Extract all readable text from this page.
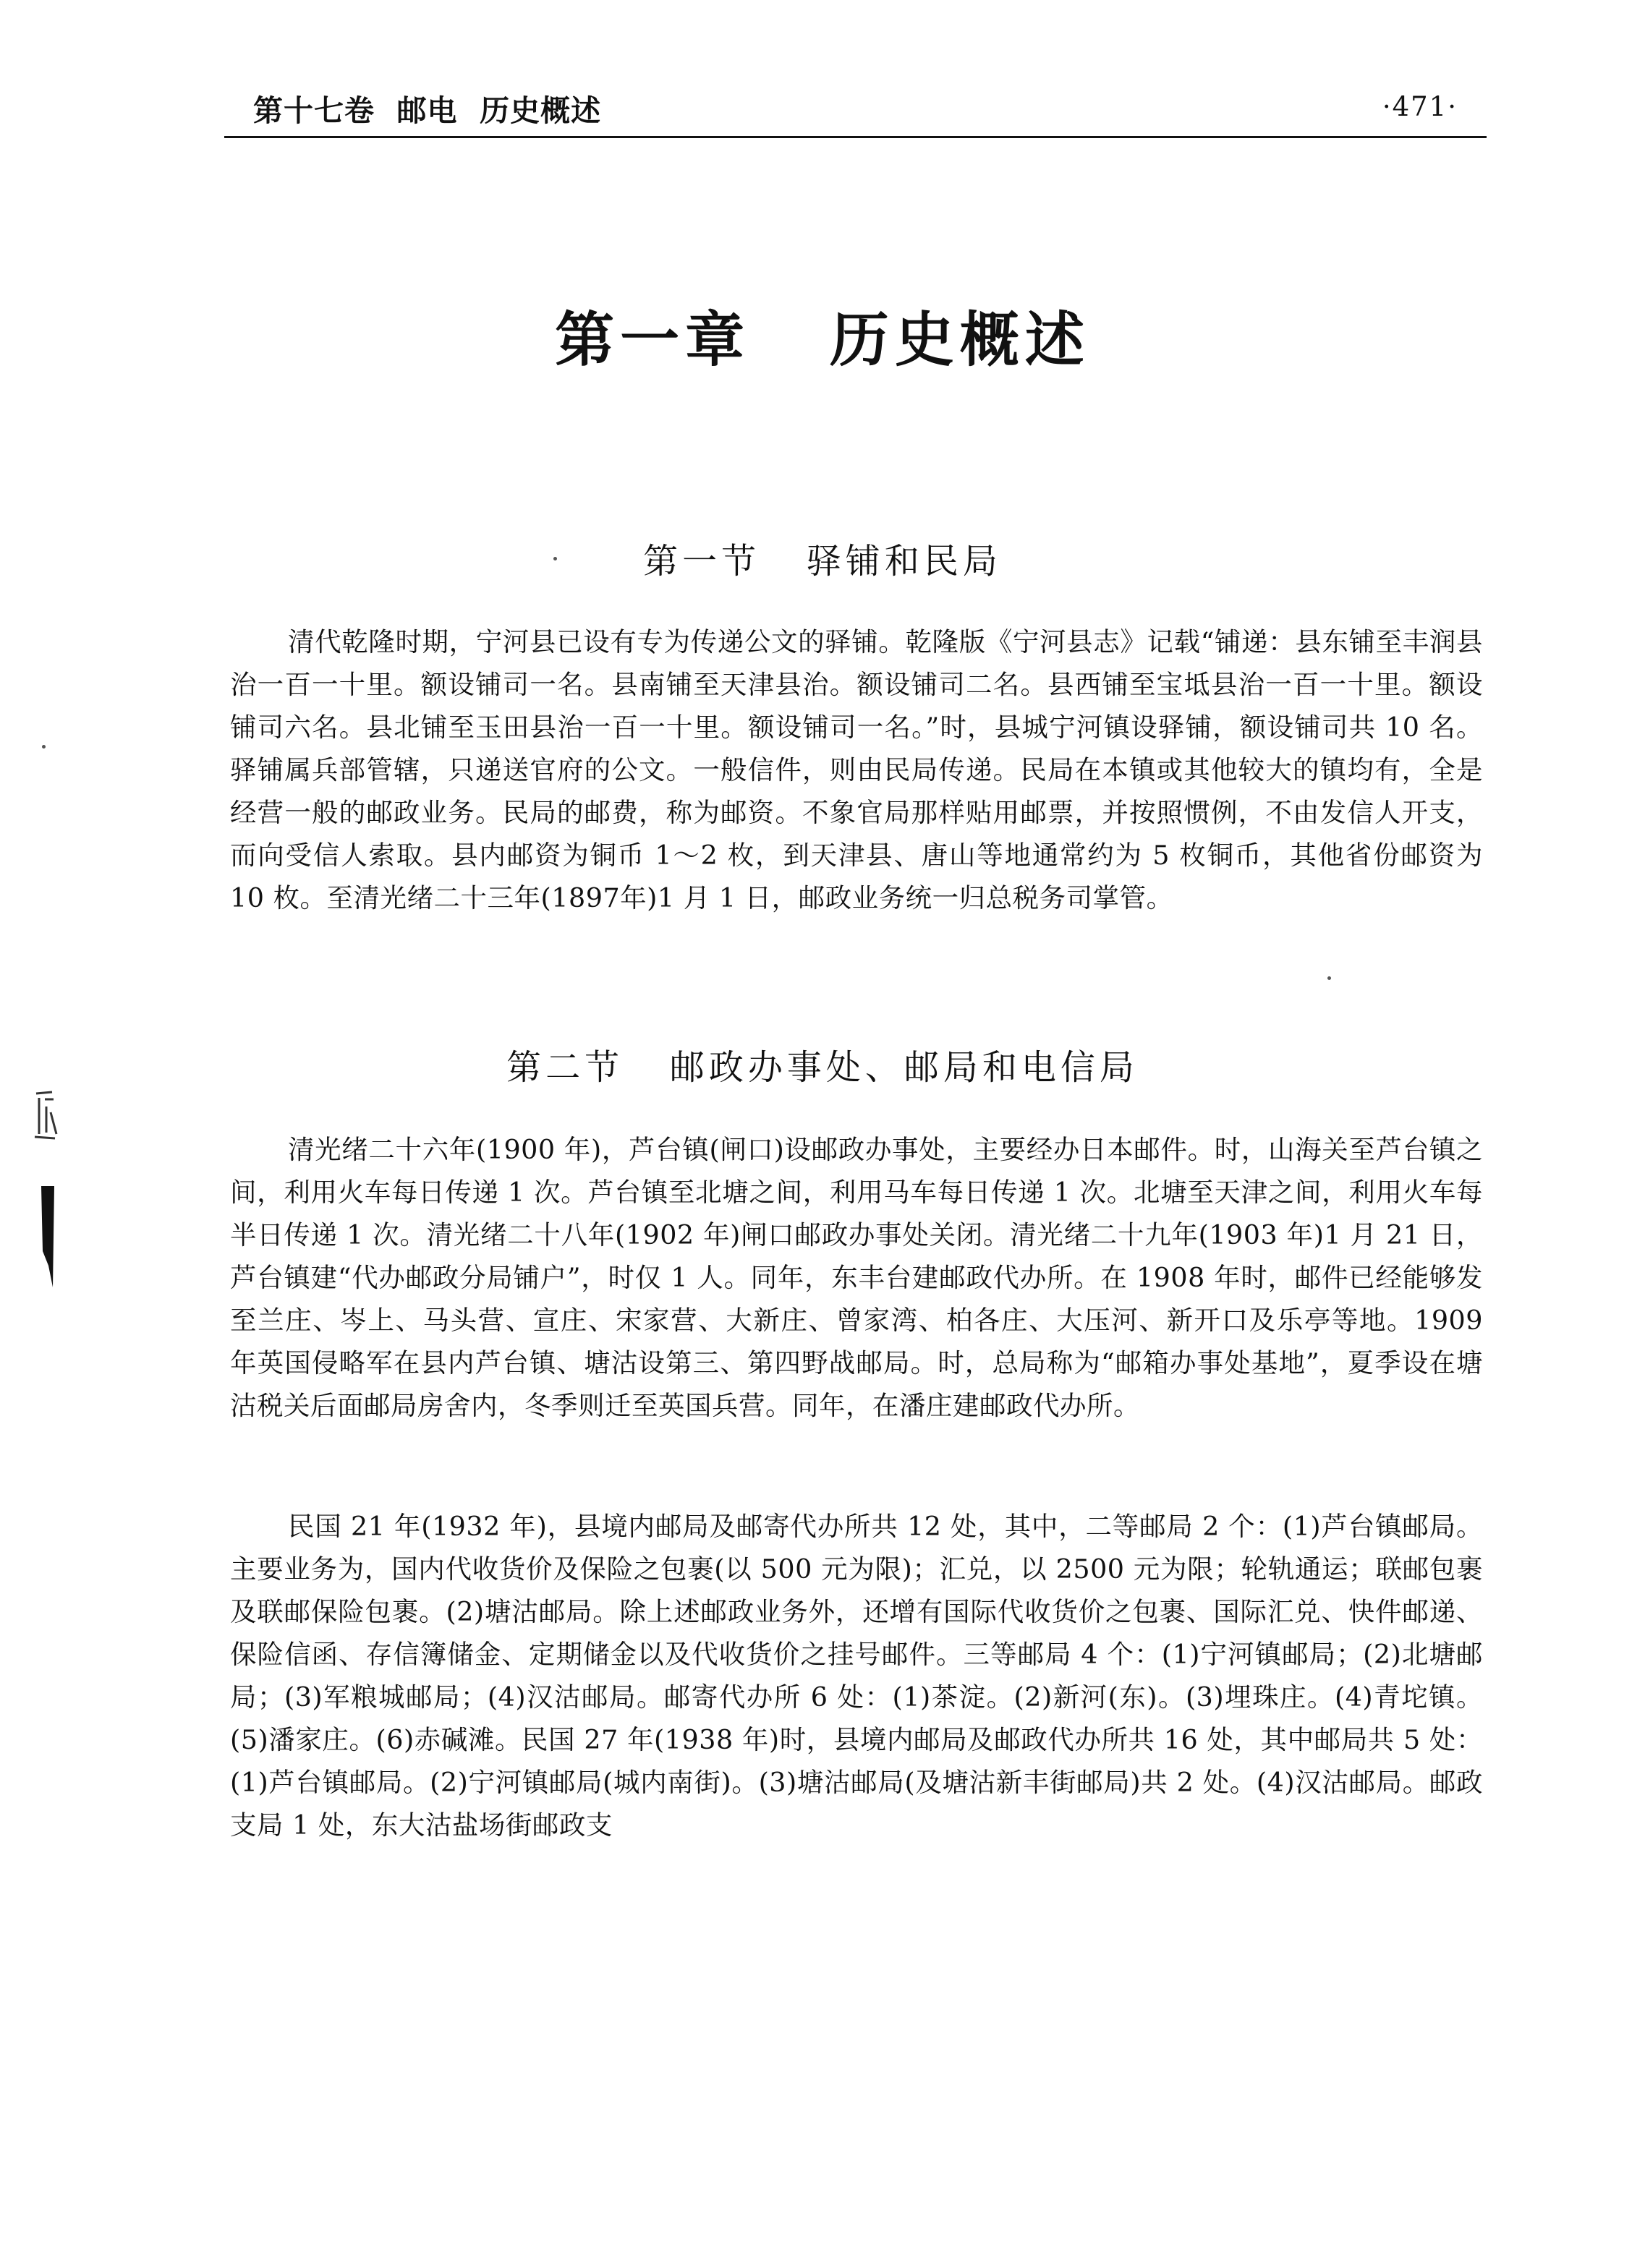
第十七卷  邮电  历史概述	·471·
第一章   历史概述
第一节   驿铺和民局

清代乾隆时期，宁河县已设有专为传递公文的驿铺。乾隆版《宁河县志》记载“铺递：县东铺至丰润县治一百一十里。额设铺司一名。县南铺至天津县治。额设铺司二名。县西铺至宝坻县治一百一十里。额设铺司六名。县北铺至玉田县治一百一十里。额设铺司一名。”时，县城宁河镇设驿铺，额设铺司共 10 名。驿铺属兵部管辖，只递送官府的公文。一般信件，则由民局传递。民局在本镇或其他较大的镇均有，全是经营一般的邮政业务。民局的邮费，称为邮资。不象官局那样贴用邮票，并按照惯例，不由发信人开支，而向受信人索取。县内邮资为铜币 1～2 枚，到天津县、唐山等地通常约为 5 枚铜币，其他省份邮资为 10 枚。至清光绪二十三年(1897年)1 月 1 日，邮政业务统一归总税务司掌管。

第二节   邮政办事处、邮局和电信局

清光绪二十六年(1900 年)，芦台镇(闸口)设邮政办事处，主要经办日本邮件。时，山海关至芦台镇之间，利用火车每日传递 1 次。芦台镇至北塘之间，利用马车每日传递 1 次。北塘至天津之间，利用火车每半日传递 1 次。清光绪二十八年(1902 年)闸口邮政办事处关闭。清光绪二十九年(1903 年)1 月 21 日，芦台镇建“代办邮政分局铺户”，时仅 1 人。同年，东丰台建邮政代办所。在 1908 年时，邮件已经能够发至兰庄、岑上、马头营、宣庄、宋家营、大新庄、曾家湾、柏各庄、大压河、新开口及乐亭等地。1909 年英国侵略军在县内芦台镇、塘沽设第三、第四野战邮局。时，总局称为“邮箱办事处基地”，夏季设在塘沽税关后面邮局房舍内，冬季则迁至英国兵营。同年，在潘庄建邮政代办所。

民国 21 年(1932 年)，县境内邮局及邮寄代办所共 12 处，其中，二等邮局 2 个：(1)芦台镇邮局。主要业务为，国内代收货价及保险之包裹(以 500 元为限)；汇兑，以 2500 元为限；轮轨通运；联邮包裹及联邮保险包裹。(2)塘沽邮局。除上述邮政业务外，还增有国际代收货价之包裹、国际汇兑、快件邮递、保险信函、存信簿储金、定期储金以及代收货价之挂号邮件。三等邮局 4 个：(1)宁河镇邮局；(2)北塘邮局；(3)军粮城邮局；(4)汉沽邮局。邮寄代办所 6 处：(1)茶淀。(2)新河(东)。(3)埋珠庄。(4)青坨镇。(5)潘家庄。(6)赤碱滩。民国 27 年(1938 年)时，县境内邮局及邮政代办所共 16 处，其中邮局共 5 处：(1)芦台镇邮局。(2)宁河镇邮局(城内南街)。(3)塘沽邮局(及塘沽新丰街邮局)共 2 处。(4)汉沽邮局。邮政支局 1 处，东大沽盐场街邮政支
